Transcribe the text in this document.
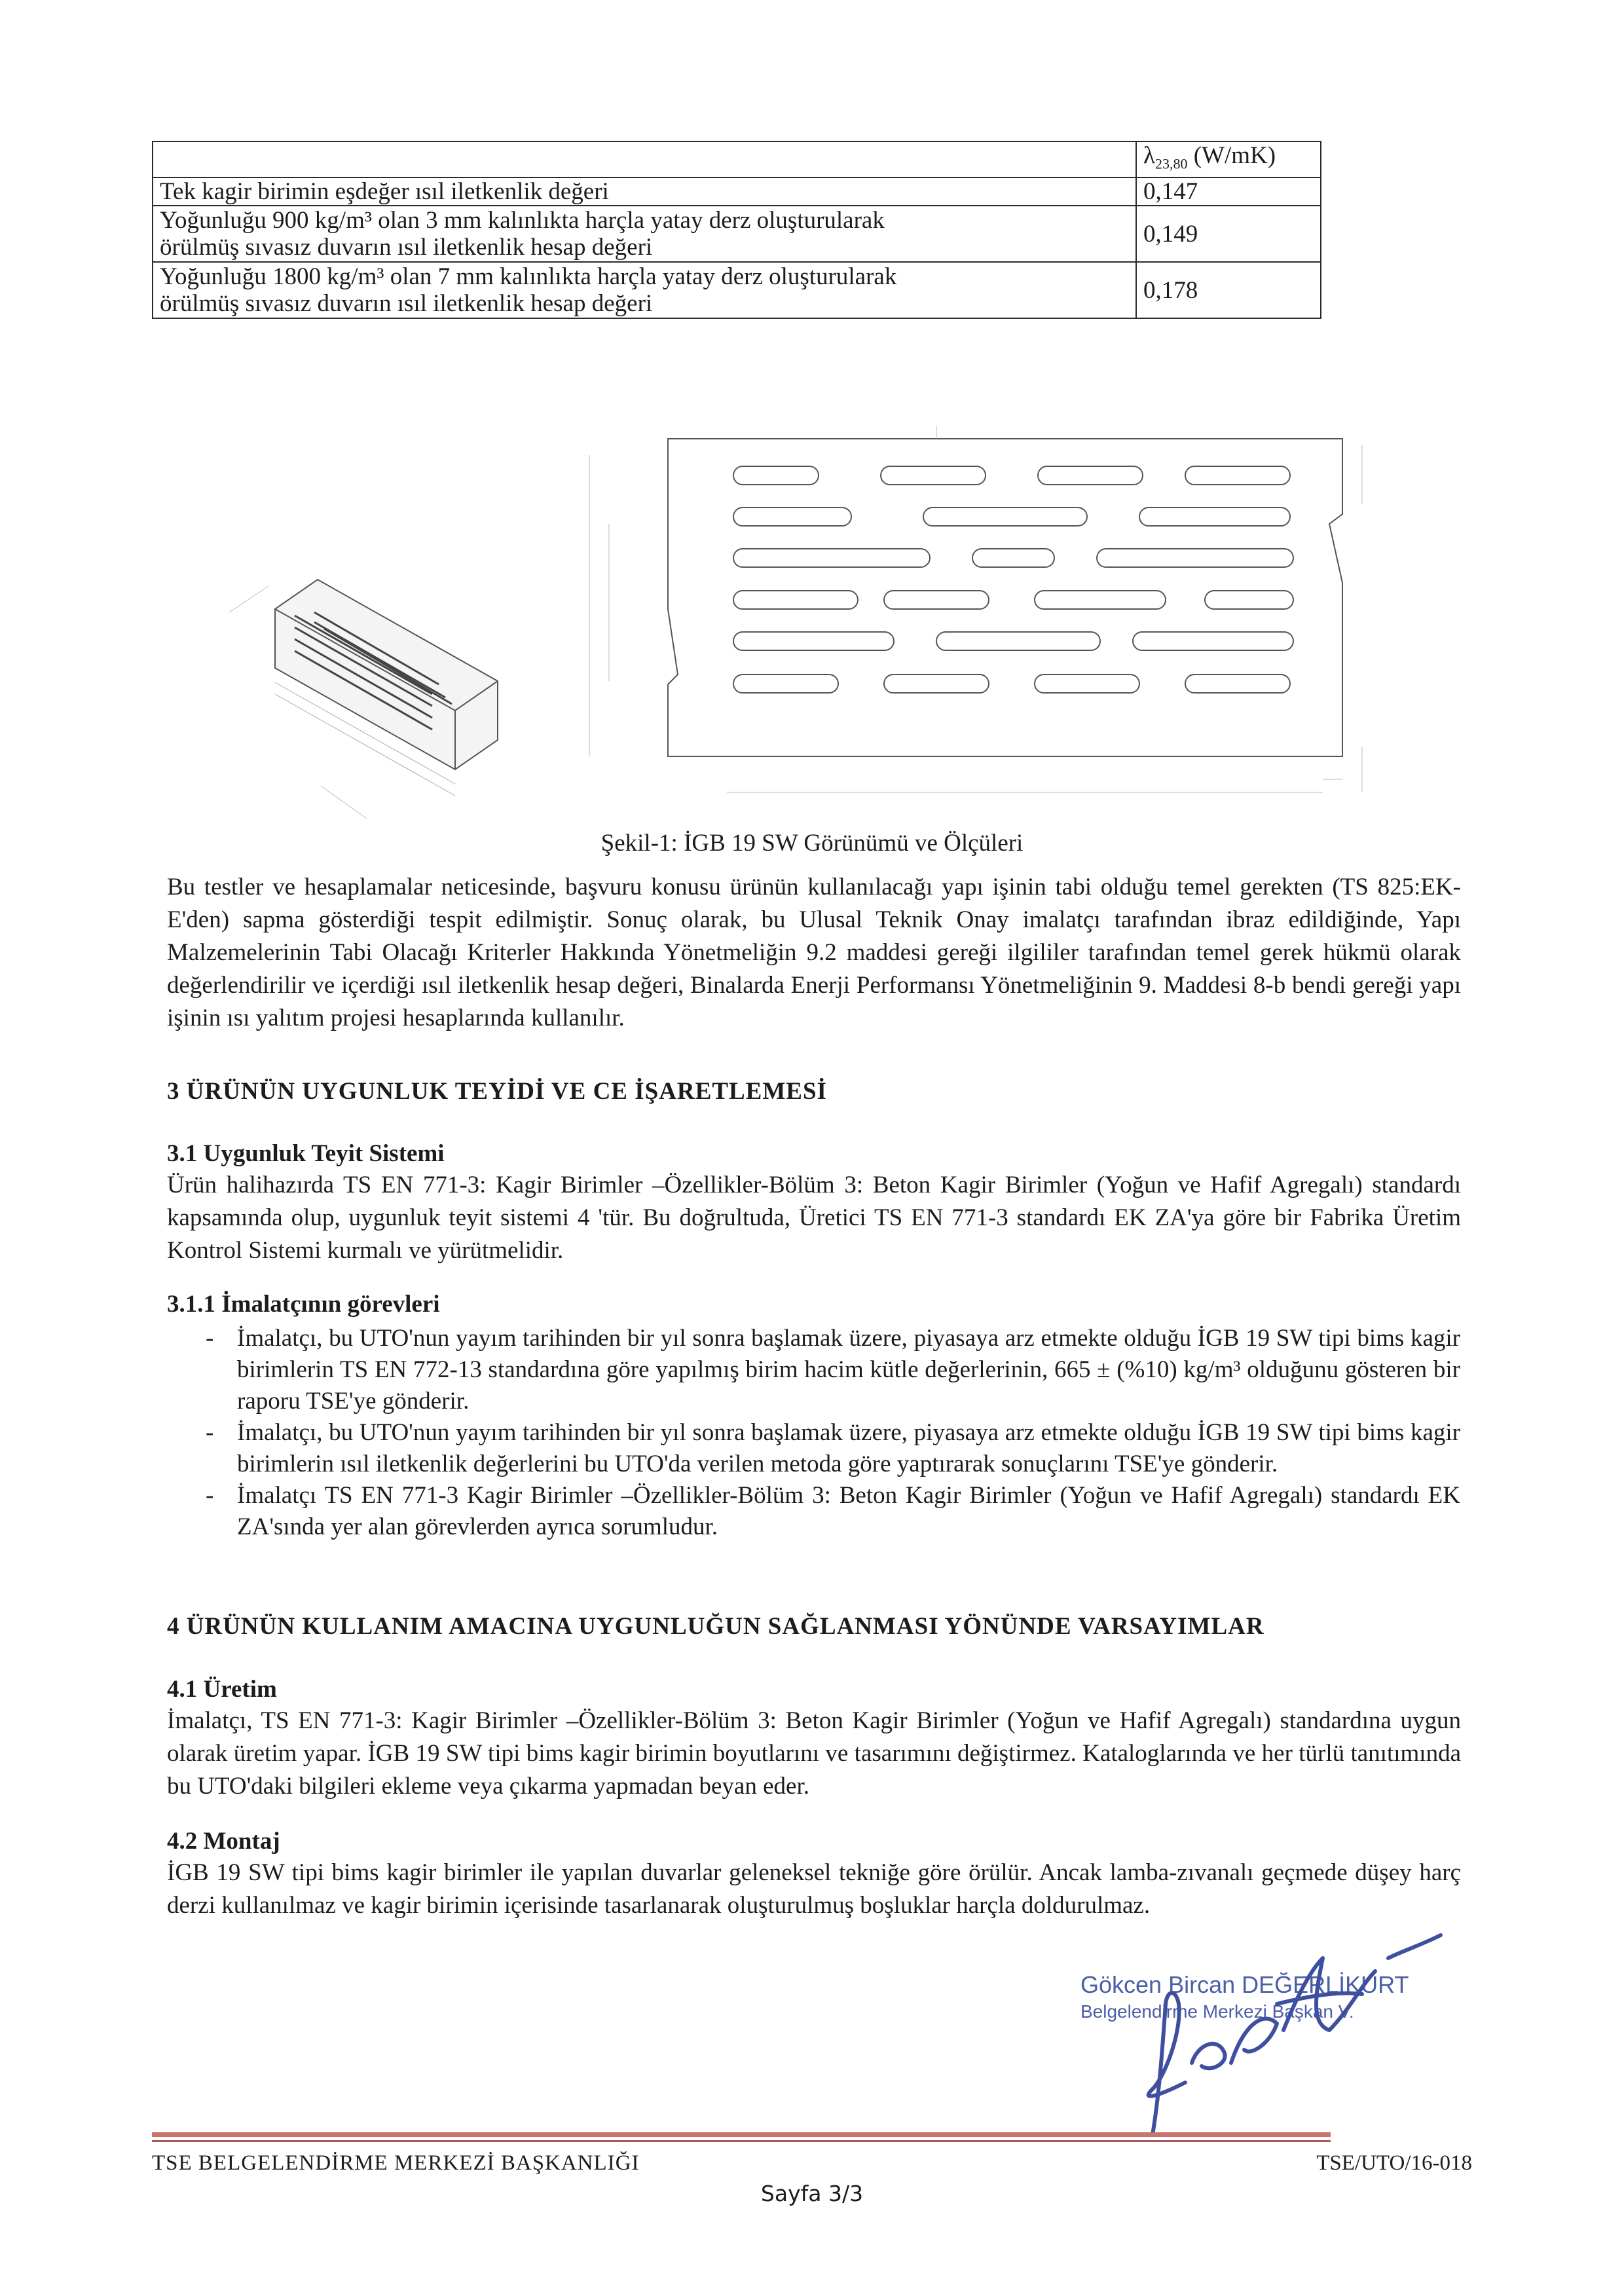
	$\lambda_{23,80}$ (W/mK)
Tek kagir birimin eşdeğer ısıl iletkenlik değeri	0,147

Yoğunluğu 900 kg/m³ olan 3 mm kalınlıkta harçla yatay derz oluşturularak
örülmüş sıvasız duvarın ısıl iletkenlik hesap değeri	0,149

Yoğunluğu 1800 kg/m³ olan 7 mm kalınlıkta harçla yatay derz oluşturularak
örülmüş sıvasız duvarın ısıl iletkenlik hesap değeri	0,178
Şekil-1: İGB 19 SW Görünümü ve Ölçüleri

Bu testler ve hesaplamalar neticesinde, başvuru konusu ürünün kullanılacağı yapı işinin tabi olduğu temel gerekten (TS 825:EK-E'den) sapma gösterdiği tespit edilmiştir. Sonuç olarak, bu Ulusal Teknik Onay imalatçı tarafından ibraz edildiğinde, Yapı Malzemelerinin Tabi Olacağı Kriterler Hakkında Yönetmeliğin 9.2 maddesi gereği ilgililer tarafından temel gerek hükmü olarak değerlendirilir ve içerdiği ısıl iletkenlik hesap değeri, Binalarda Enerji Performansı Yönetmeliğinin 9. Maddesi 8-b bendi gereği yapı işinin ısı yalıtım projesi hesaplarında kullanılır.

3 ÜRÜNÜN UYGUNLUK TEYİDİ VE CE İŞARETLEMESİ
3.1 Uygunluk Teyit Sistemi

Ürün halihazırda TS EN 771-3: Kagir Birimler –Özellikler-Bölüm 3: Beton Kagir Birimler (Yoğun ve Hafif Agregalı) standardı kapsamında olup, uygunluk teyit sistemi 4 'tür. Bu doğrultuda, Üretici TS EN 771-3 standardı EK ZA'ya göre bir Fabrika Üretim Kontrol Sistemi kurmalı ve yürütmelidir.

3.1.1 İmalatçının görevleri
- İmalatçı, bu UTO'nun yayım tarihinden bir yıl sonra başlamak üzere, piyasaya arz etmekte olduğu İGB 19 SW tipi bims kagir birimlerin TS EN 772-13 standardına göre yapılmış birim hacim kütle değerlerinin, 665 ± (%10) kg/m³ olduğunu gösteren bir raporu TSE'ye gönderir.
- İmalatçı, bu UTO'nun yayım tarihinden bir yıl sonra başlamak üzere, piyasaya arz etmekte olduğu İGB 19 SW tipi bims kagir birimlerin ısıl iletkenlik değerlerini bu UTO'da verilen metoda göre yaptırarak sonuçlarını TSE'ye gönderir.
- İmalatçı TS EN 771-3 Kagir Birimler –Özellikler-Bölüm 3: Beton Kagir Birimler (Yoğun ve Hafif Agregalı) standardı EK ZA'sında yer alan görevlerden ayrıca sorumludur.
4 ÜRÜNÜN KULLANIM AMACINA UYGUNLUĞUN SAĞLANMASI YÖNÜNDE VARSAYIMLAR
4.1 Üretim

İmalatçı, TS EN 771-3: Kagir Birimler –Özellikler-Bölüm 3: Beton Kagir Birimler (Yoğun ve Hafif Agregalı) standardına uygun olarak üretim yapar. İGB 19 SW tipi bims kagir birimin boyutlarını ve tasarımını değiştirmez. Kataloglarında ve her türlü tanıtımında bu UTO'daki bilgileri ekleme veya çıkarma yapmadan beyan eder.

4.2 Montaj

İGB 19 SW tipi bims kagir birimler ile yapılan duvarlar geleneksel tekniğe göre örülür. Ancak lamba-zıvanalı geçmede düşey harç derzi kullanılmaz ve kagir birimin içerisinde tasarlanarak oluşturulmuş boşluklar harçla doldurulmaz.

Gökcen Bircan DEĞERLİKURT
Belgelendirme Merkezi Başkan V.
TSE BELGELENDİRME MERKEZİ BAŞKANLIĞI	TSE/UTO/16-018
Sayfa 3/3
